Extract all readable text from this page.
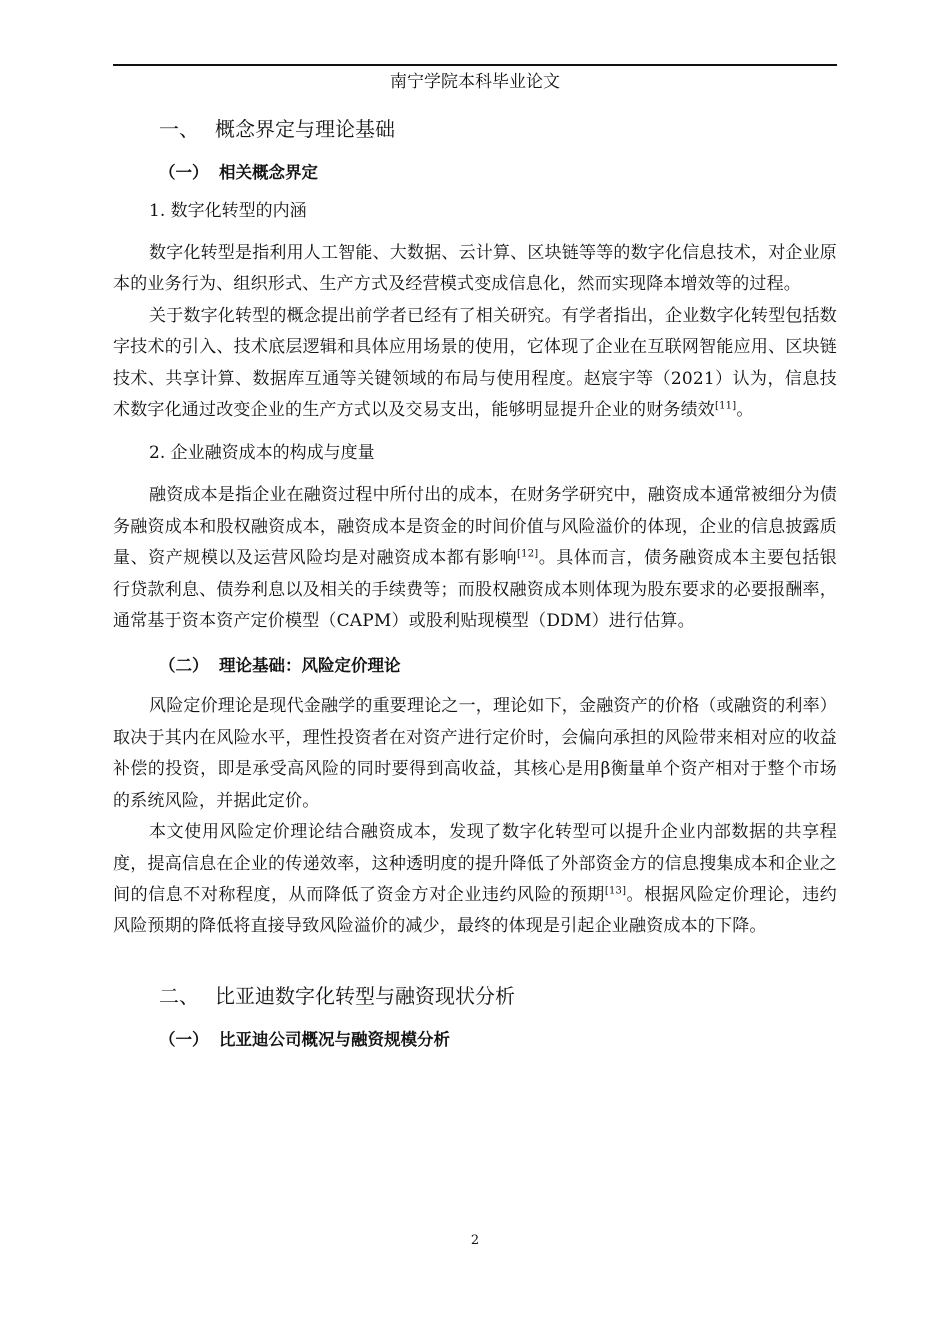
南宁学院本科毕业论文
一、 概念界定与理论基础
（一） 相关概念界定
1. 数字化转型的内涵

数字化转型是指利用人工智能、大数据、云计算、区块链等等的数字化信息技术，对企业原本的业务行为、组织形式、生产方式及经营模式变成信息化，然而实现降本增效等的过程。

关于数字化转型的概念提出前学者已经有了相关研究。有学者指出，企业数字化转型包括数字技术的引入、技术底层逻辑和具体应用场景的使用，它体现了企业在互联网智能应用、区块链技术、共享计算、数据库互通等关键领域的布局与使用程度。赵宸宇等（2021）认为，信息技术数字化通过改变企业的生产方式以及交易支出，能够明显提升企业的财务绩效[11]。

2. 企业融资成本的构成与度量

融资成本是指企业在融资过程中所付出的成本，在财务学研究中，融资成本通常被细分为债务融资成本和股权融资成本，融资成本是资金的时间价值与风险溢价的体现，企业的信息披露质量、资产规模以及运营风险均是对融资成本都有影响[12]。具体而言，债务融资成本主要包括银行贷款利息、债券利息以及相关的手续费等；而股权融资成本则体现为股东要求的必要报酬率，通常基于资本资产定价模型（CAPM）或股利贴现模型（DDM）进行估算。

（二） 理论基础：风险定价理论

风险定价理论是现代金融学的重要理论之一，理论如下，金融资产的价格（或融资的利率）取决于其内在风险水平，理性投资者在对资产进行定价时，会偏向承担的风险带来相对应的收益补偿的投资，即是承受高风险的同时要得到高收益，其核心是用β衡量单个资产相对于整个市场的系统风险，并据此定价。

本文使用风险定价理论结合融资成本，发现了数字化转型可以提升企业内部数据的共享程度，提高信息在企业的传递效率，这种透明度的提升降低了外部资金方的信息搜集成本和企业之间的信息不对称程度，从而降低了资金方对企业违约风险的预期[13]。根据风险定价理论，违约风险预期的降低将直接导致风险溢价的减少，最终的体现是引起企业融资成本的下降。

二、 比亚迪数字化转型与融资现状分析
（一） 比亚迪公司概况与融资规模分析
2
